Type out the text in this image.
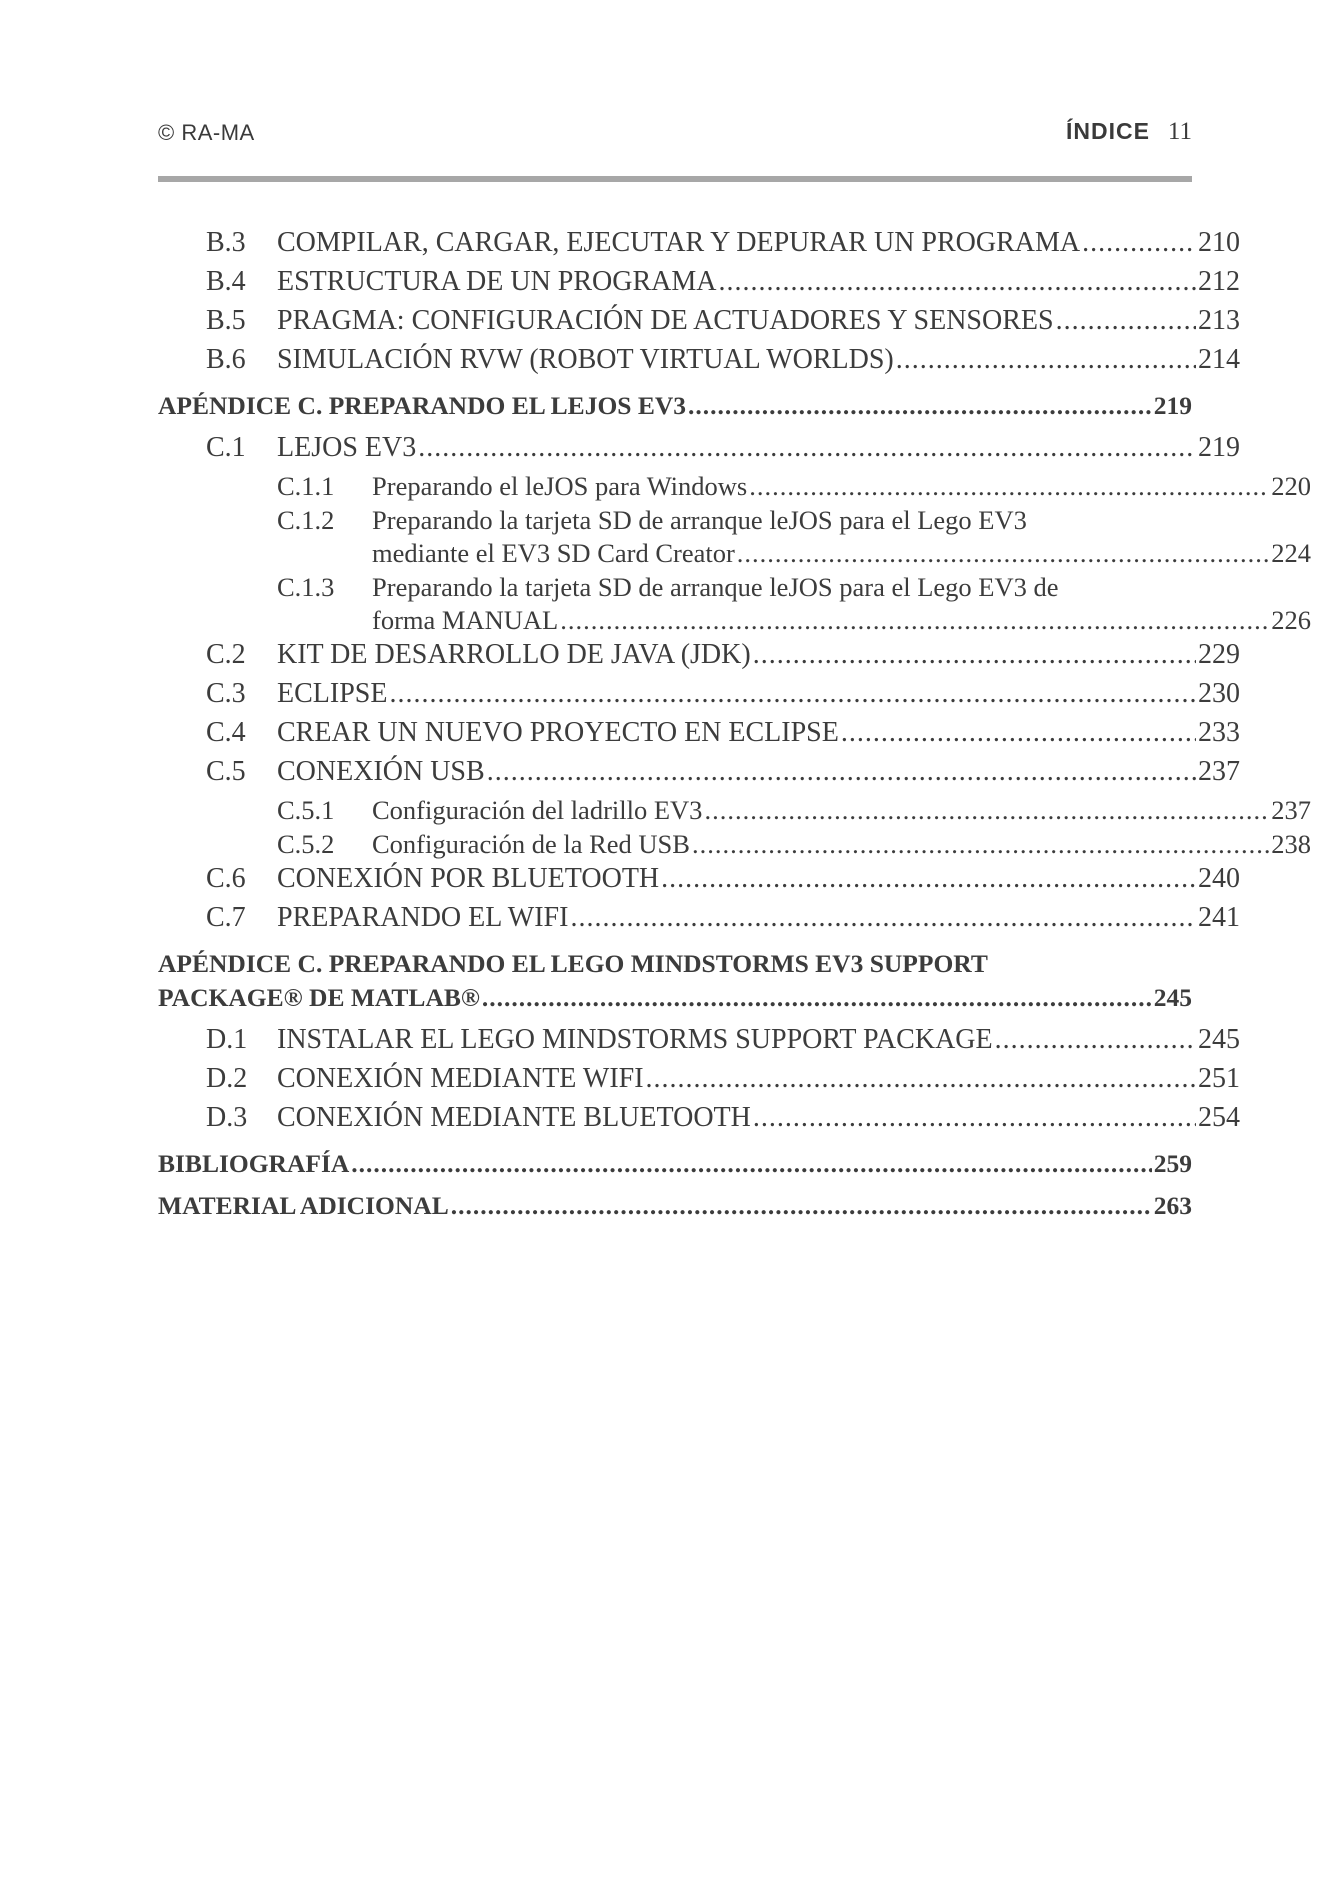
© RA-MA	ÍNDICE 11
B.3	COMPILAR, CARGAR, EJECUTAR Y DEPURAR UN PROGRAMA .....	210
B.4	ESTRUCTURA DE UN PROGRAMA .....	212
B.5	PRAGMA: CONFIGURACIÓN DE ACTUADORES Y SENSORES .....	213
B.6	SIMULACIÓN RVW (ROBOT VIRTUAL WORLDS) .....	214
APÉNDICE C. PREPARANDO EL LEJOS EV3 .....	219
C.1	LEJOS EV3 .....	219
C.1.1	Preparando el leJOS para Windows .....	220
C.1.2	Preparando la tarjeta SD de arranque leJOS para el Lego EV3
mediante el EV3 SD Card Creator .....	224
C.1.3	Preparando la tarjeta SD de arranque leJOS para el Lego EV3 de
forma MANUAL .....	226
C.2	KIT DE DESARROLLO DE JAVA (JDK) .....	229
C.3	ECLIPSE .....	230
C.4	CREAR UN NUEVO PROYECTO EN ECLIPSE .....	233
C.5	CONEXIÓN USB .....	237
C.5.1	Configuración del ladrillo EV3 .....	237
C.5.2	Configuración de la Red USB .....	238
C.6	CONEXIÓN POR BLUETOOTH .....	240
C.7	PREPARANDO EL WIFI .....	241
APÉNDICE C. PREPARANDO EL LEGO MINDSTORMS EV3 SUPPORT
PACKAGE® DE MATLAB® .....	245
D.1	INSTALAR EL LEGO MINDSTORMS SUPPORT PACKAGE .....	245
D.2	CONEXIÓN MEDIANTE WIFI .....	251
D.3	CONEXIÓN MEDIANTE BLUETOOTH .....	254
BIBLIOGRAFÍA .....	259
MATERIAL ADICIONAL .....	263
